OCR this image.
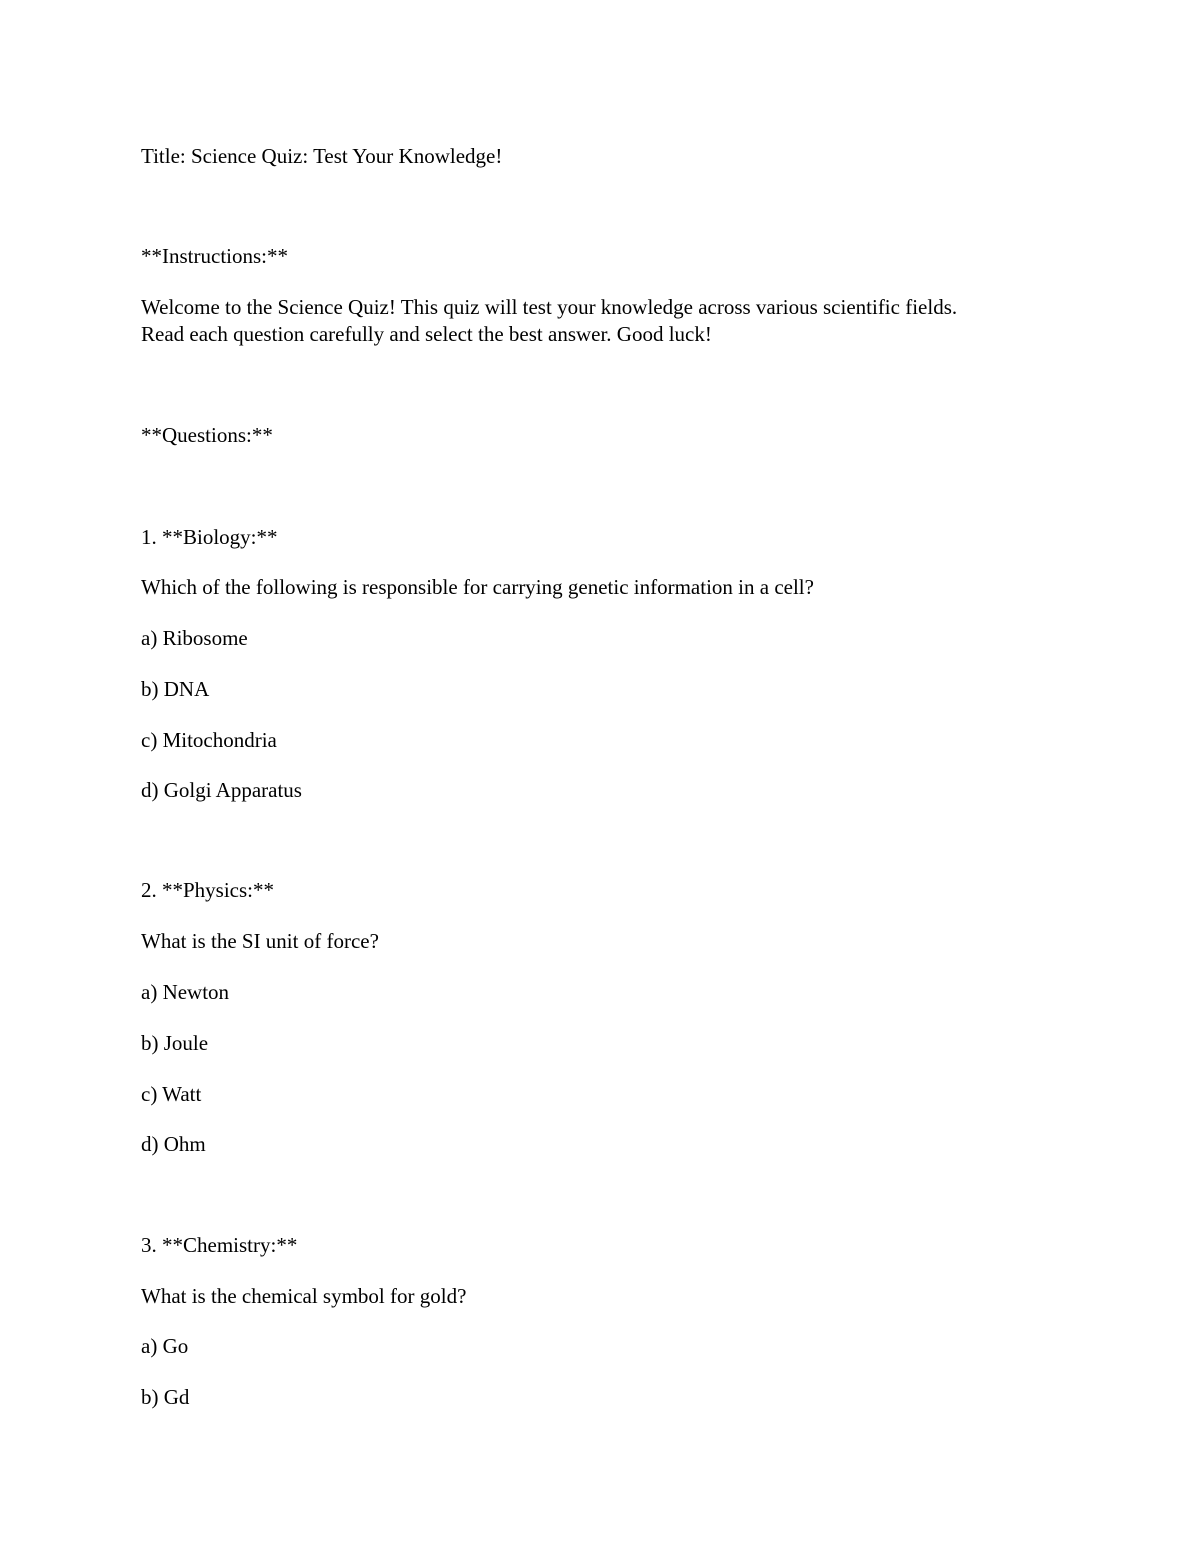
Title: Science Quiz: Test Your Knowledge!

**Instructions:**

Welcome to the Science Quiz! This quiz will test your knowledge across various scientific fields.
Read each question carefully and select the best answer. Good luck!

**Questions:**

1. **Biology:**

Which of the following is responsible for carrying genetic information in a cell?

a) Ribosome

b) DNA

c) Mitochondria

d) Golgi Apparatus

2. **Physics:**

What is the SI unit of force?

a) Newton

b) Joule

c) Watt

d) Ohm

3. **Chemistry:**

What is the chemical symbol for gold?

a) Go

b) Gd
